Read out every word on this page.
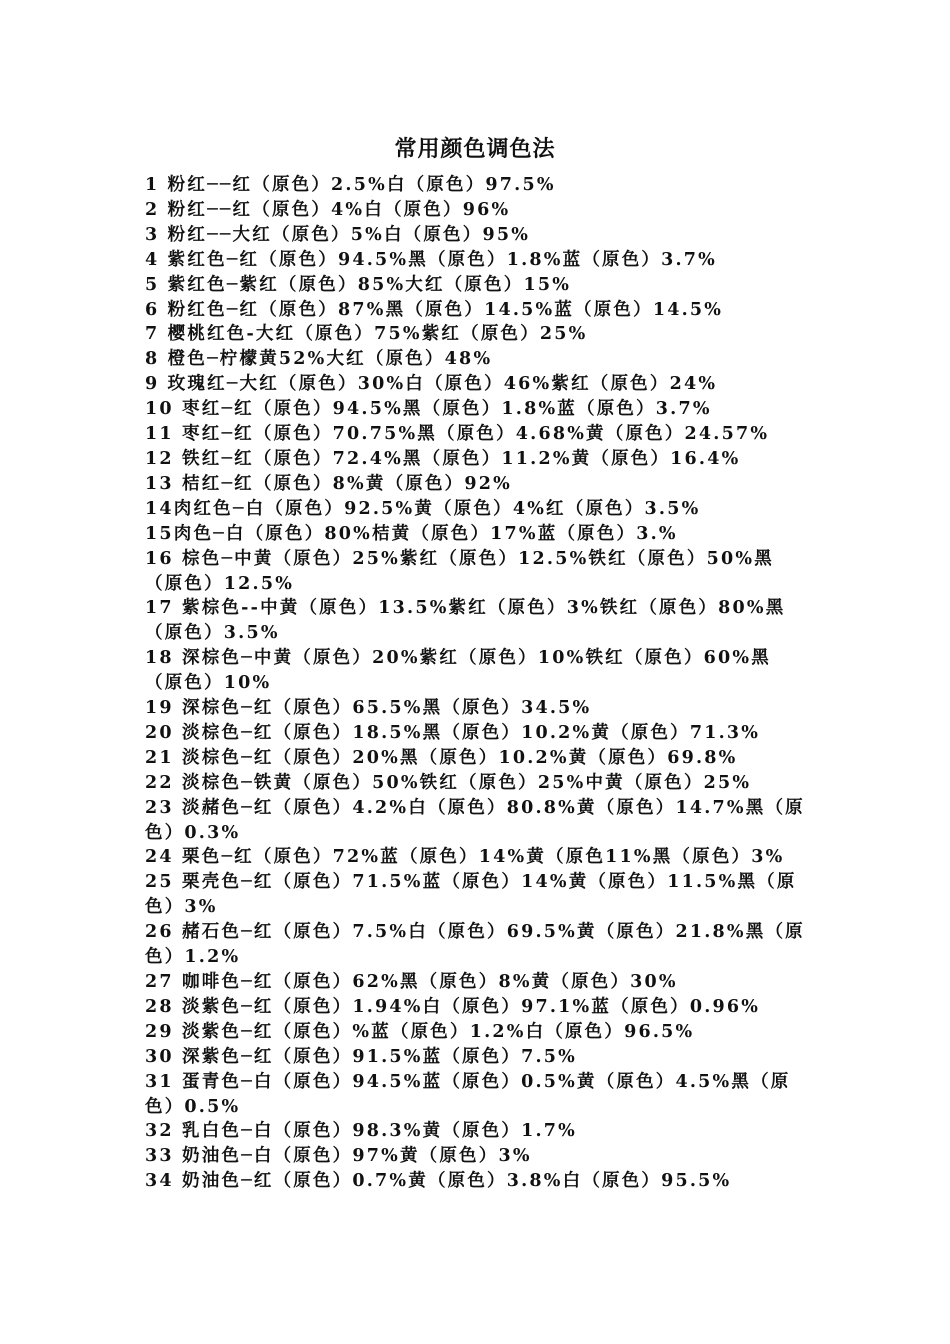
常用颜色调色法
1 粉红──红（原色）2.5%白（原色）97.5%
2 粉红──红（原色）4%白（原色）96%
3 粉红──大红（原色）5%白（原色）95%
4 紫红色─红（原色）94.5%黑（原色）1.8%蓝（原色）3.7%
5 紫红色─紫红（原色）85%大红（原色）15%
6 粉红色─红（原色）87%黑（原色）14.5%蓝（原色）14.5%
7 樱桃红色-大红（原色）75%紫红（原色）25%
8 橙色─柠檬黄52%大红（原色）48%
9 玫瑰红─大红（原色）30%白（原色）46%紫红（原色）24%
10 枣红─红（原色）94.5%黑（原色）1.8%蓝（原色）3.7%
11 枣红─红（原色）70.75%黑（原色）4.68%黄（原色）24.57%
12 铁红─红（原色）72.4%黑（原色）11.2%黄（原色）16.4%
13 桔红─红（原色）8%黄（原色）92%
14肉红色─白（原色）92.5%黄（原色）4%红（原色）3.5%
15肉色─白（原色）80%桔黄（原色）17%蓝（原色）3.%
16 棕色─中黄（原色）25%紫红（原色）12.5%铁红（原色）50%黑（原色）12.5%
17 紫棕色--中黄（原色）13.5%紫红（原色）3%铁红（原色）80%黑（原色）3.5%
18 深棕色─中黄（原色）20%紫红（原色）10%铁红（原色）60%黑（原色）10%
19 深棕色─红（原色）65.5%黑（原色）34.5%
20 淡棕色─红（原色）18.5%黑（原色）10.2%黄（原色）71.3%
21 淡棕色─红（原色）20%黑（原色）10.2%黄（原色）69.8%
22 淡棕色─铁黄（原色）50%铁红（原色）25%中黄（原色）25%
23 淡赭色─红（原色）4.2%白（原色）80.8%黄（原色）14.7%黑（原色）0.3%
24 栗色─红（原色）72%蓝（原色）14%黄（原色11%黑（原色）3%
25 栗壳色─红（原色）71.5%蓝（原色）14%黄（原色）11.5%黑（原色）3%
26 赭石色─红（原色）7.5%白（原色）69.5%黄（原色）21.8%黑（原色）1.2%
27 咖啡色─红（原色）62%黑（原色）8%黄（原色）30%
28 淡紫色─红（原色）1.94%白（原色）97.1%蓝（原色）0.96%
29 淡紫色─红（原色）%蓝（原色）1.2%白（原色）96.5%
30 深紫色─红（原色）91.5%蓝（原色）7.5%
31 蛋青色─白（原色）94.5%蓝（原色）0.5%黄（原色）4.5%黑（原色）0.5%
32 乳白色─白（原色）98.3%黄（原色）1.7%
33 奶油色─白（原色）97%黄（原色）3%
34 奶油色─红（原色）0.7%黄（原色）3.8%白（原色）95.5%
